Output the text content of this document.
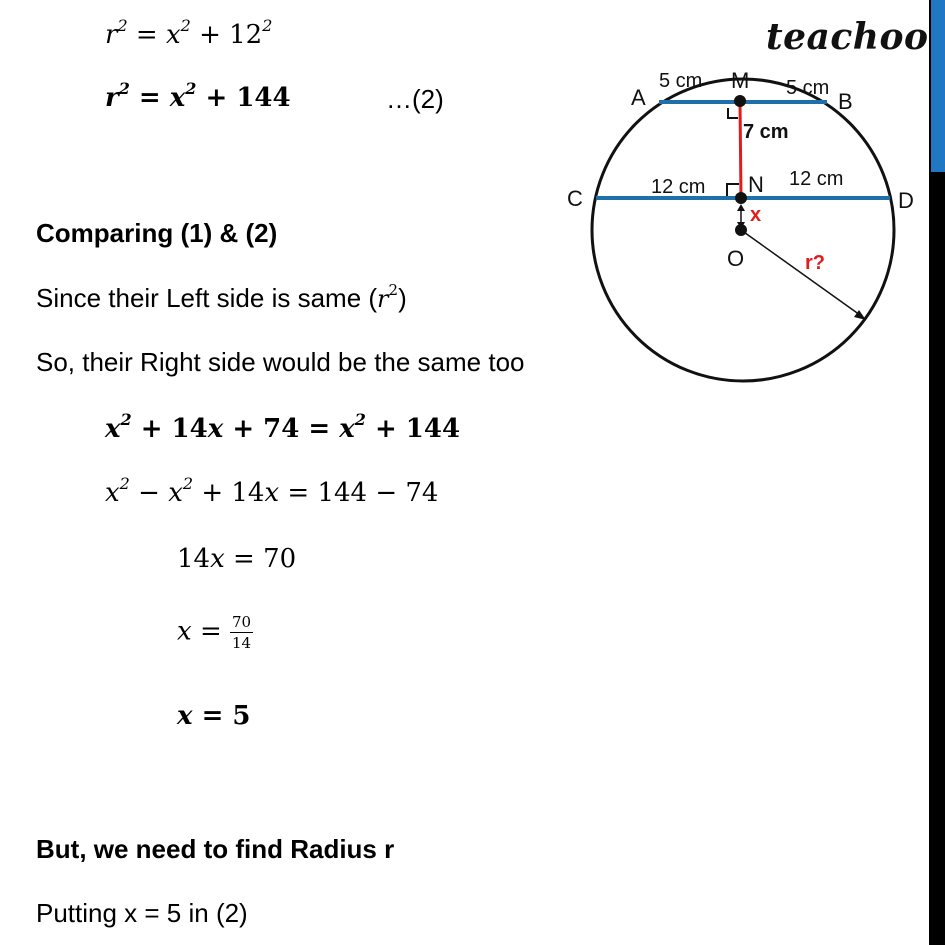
teachoo
$r^2 = x^2 + 12^2$
$r^2 = x^2 + 144$	…(2)
Comparing (1) & (2)
Since their Left side is same $(r^2)$
So, their Right side would be the same too
$x^2 + 14x + 74 = x^2 + 144$
$x^2 - x^2 + 14x = 144 - 74$
14x = 70
$x = \frac{70}{14}$
x = 5
But, we need to find Radius r
Putting x = 5 in (2)
A	B
C	D
M
N
O
5 cm	5 cm
7 cm
12 cm	12 cm
x
r?
